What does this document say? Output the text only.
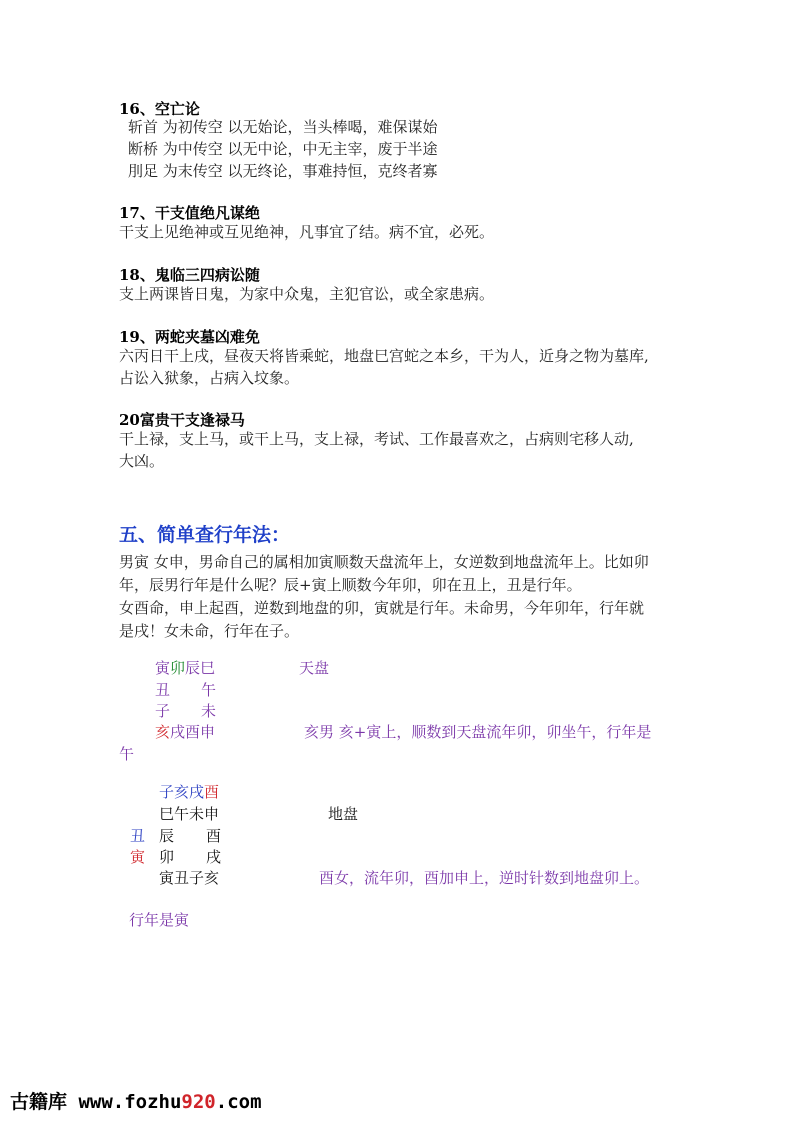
16、空亡论
斩首 为初传空 以无始论，当头棒喝，难保谋始
断桥 为中传空 以无中论，中无主宰，废于半途
刖足 为末传空 以无终论，事难持恒，克终者寡
17、干支值绝凡谋绝
干支上见绝神或互见绝神，凡事宜了结。病不宜，必死。
18、鬼临三四病讼随
支上两课皆日鬼，为家中众鬼，主犯官讼，或全家患病。
19、两蛇夹墓凶难免
六丙日干上戌，昼夜天将皆乘蛇，地盘巳宫蛇之本乡，干为人，近身之物为墓库,
占讼入狱象，占病入坟象。
20富贵干支逢禄马
干上禄，支上马，或干上马，支上禄，考试、工作最喜欢之，占病则宅移人动,
大凶。
五、简单查行年法：
男寅 女申，男命自己的属相加寅顺数天盘流年上，女逆数到地盘流年上。比如卯
年，辰男行年是什么呢？辰+寅上顺数今年卯，卯在丑上，丑是行年。
女酉命，申上起酉，逆数到地盘的卯，寅就是行年。未命男，今年卯年，行年就
是戌！女未命，行年在子。
寅卯辰巳	天盘
丑 午
子 未
亥戌酉申	亥男 亥+寅上，顺数到天盘流年卯，卯坐午，行年是
午
子亥戌酉
巳午未申	地盘
丑 辰 酉
寅 卯 戌
寅丑子亥	酉女，流年卯，酉加申上，逆时针数到地盘卯上。
行年是寅
古籍库 www.fozhu920.com
